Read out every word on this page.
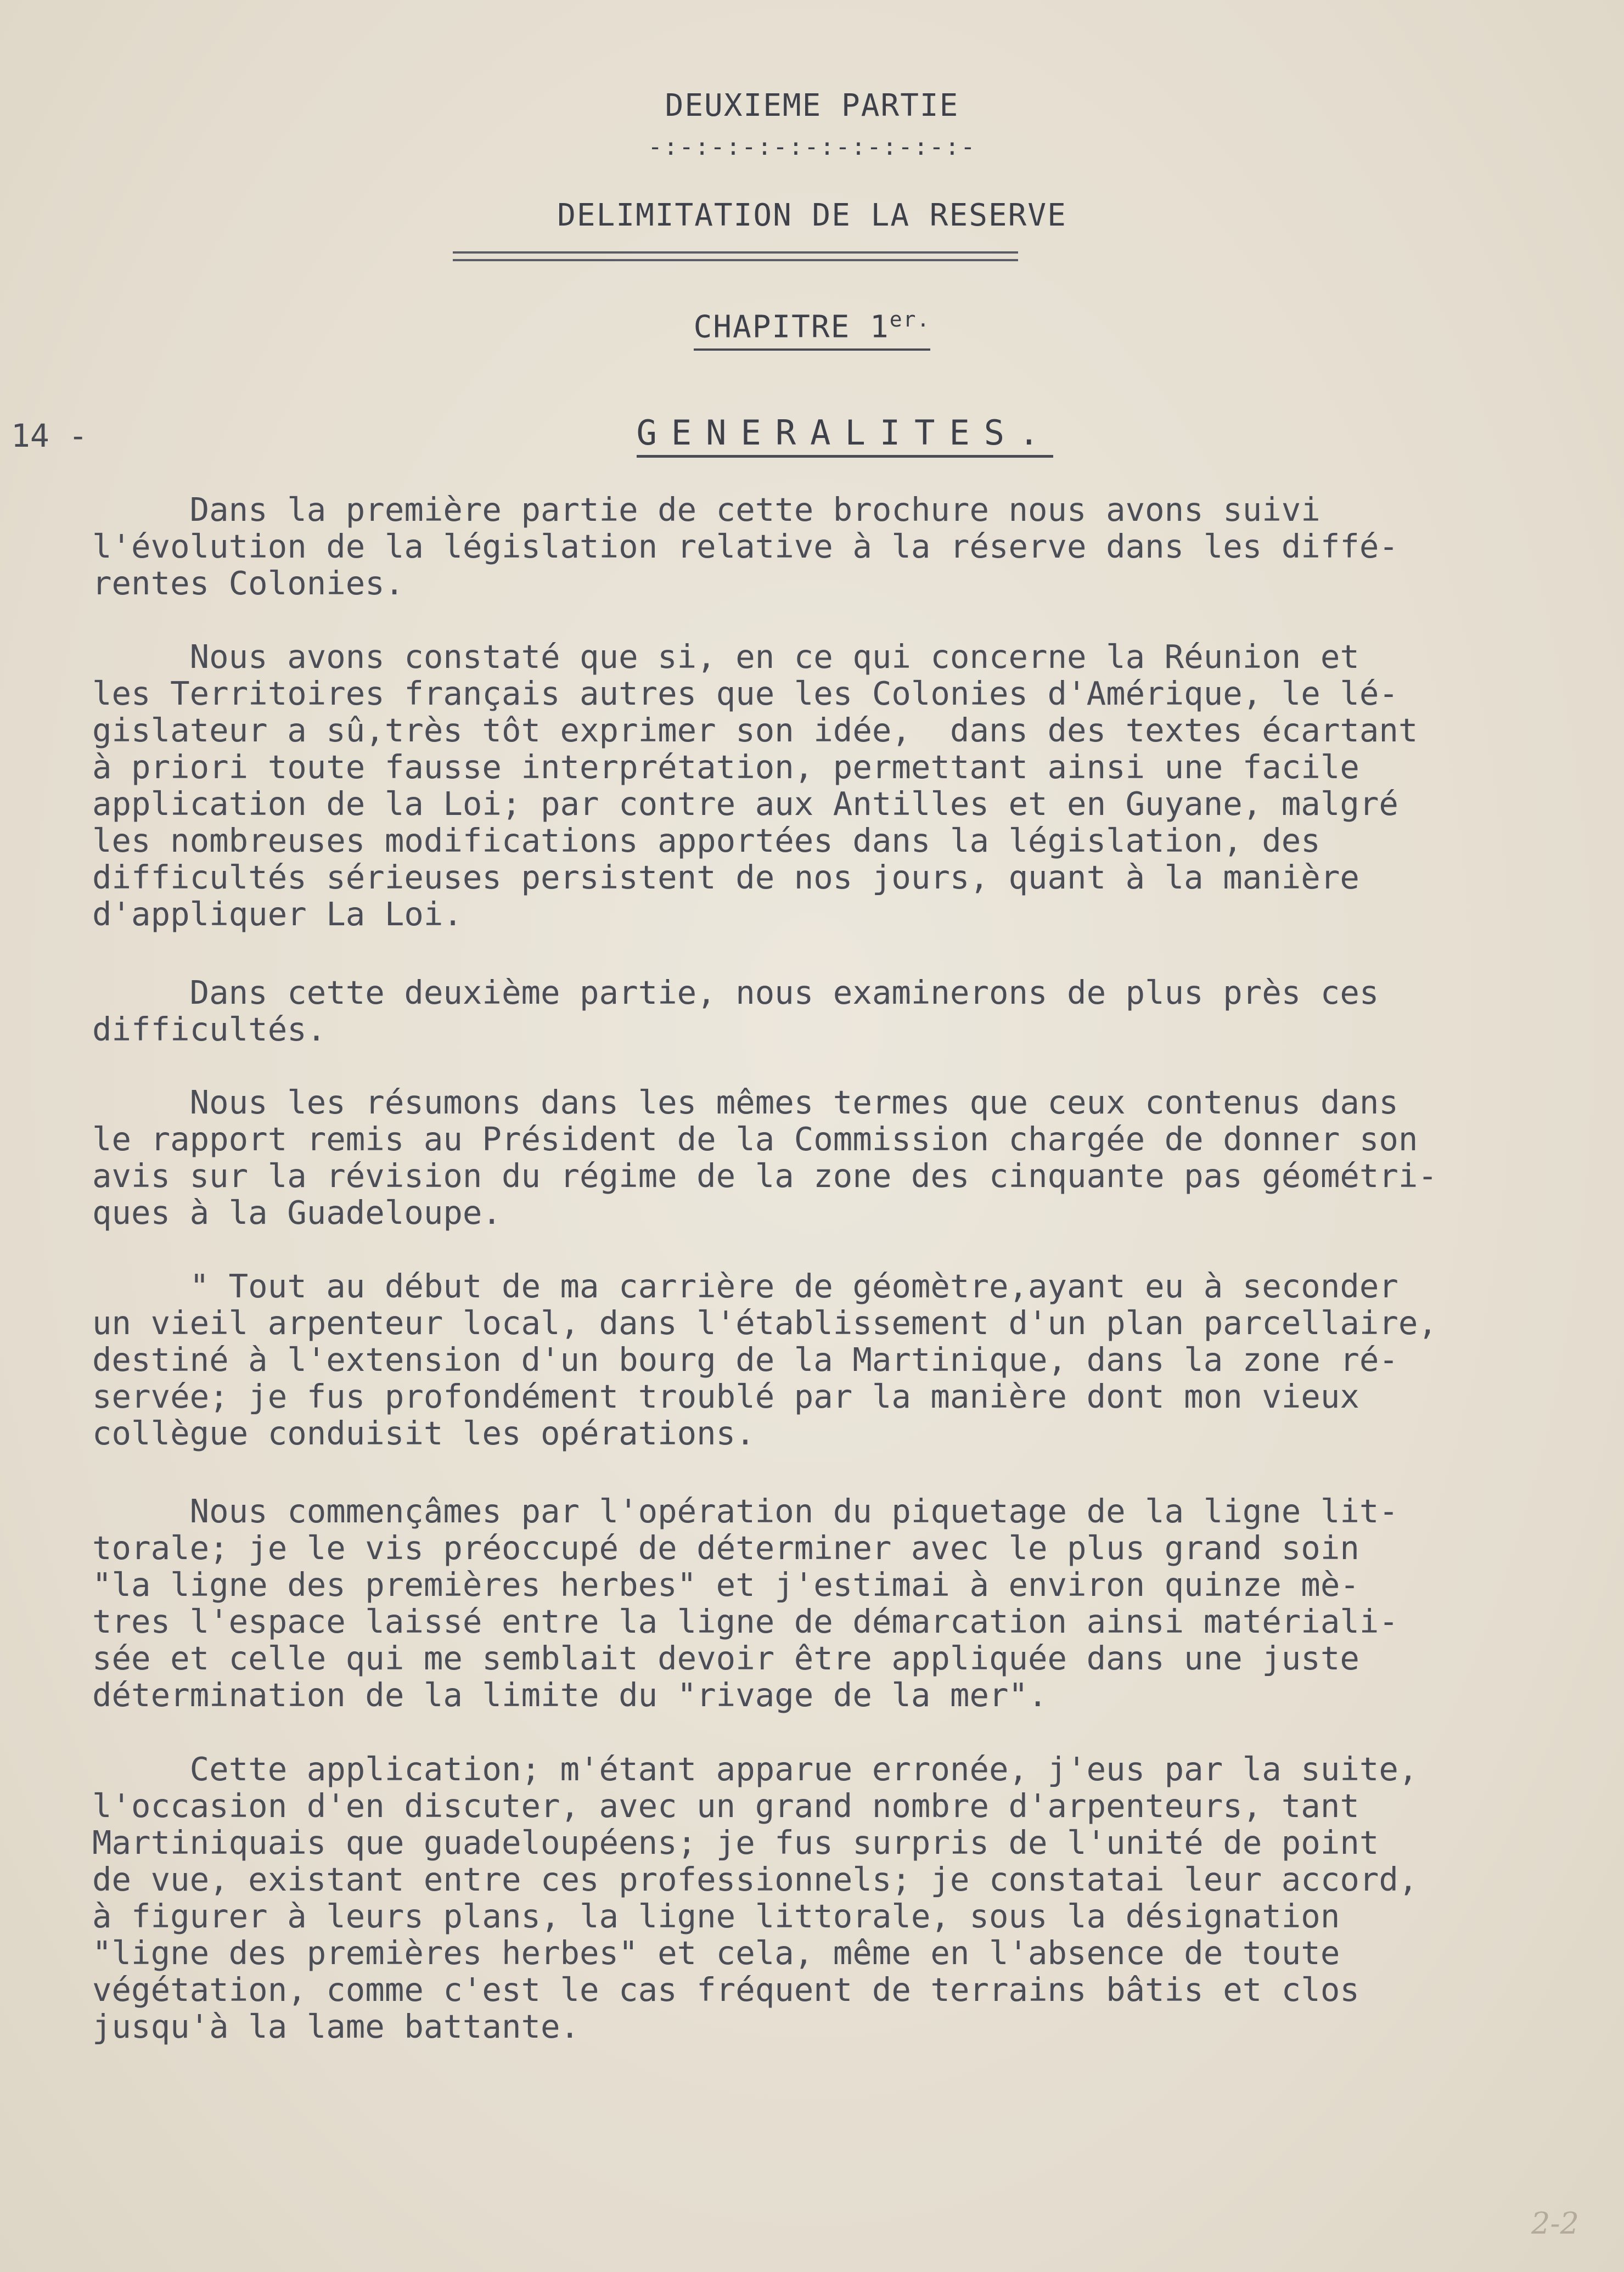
DEUXIEME PARTIE
-:-:-:-:-:-:-:-:-:-:-
DELIMITATION DE LA RESERVE
CHAPITRE $1^{er.}$
14 -	GENERALITES.
Dans la première partie de cette brochure nous avons suivi
l'évolution de la législation relative à la réserve dans les diffé-
rentes Colonies.
Nous avons constaté que si, en ce qui concerne la Réunion et
les Territoires français autres que les Colonies d'Amérique, le lé-
gislateur a sû,très tôt exprimer son idée,  dans des textes écartant
à priori toute fausse interprétation, permettant ainsi une facile
application de la Loi; par contre aux Antilles et en Guyane, malgré
les nombreuses modifications apportées dans la législation, des
difficultés sérieuses persistent de nos jours, quant à la manière
d'appliquer La Loi.
Dans cette deuxième partie, nous examinerons de plus près ces
difficultés.
Nous les résumons dans les mêmes termes que ceux contenus dans
le rapport remis au Président de la Commission chargée de donner son
avis sur la révision du régime de la zone des cinquante pas géométri-
ques à la Guadeloupe.
" Tout au début de ma carrière de géomètre,ayant eu à seconder
un vieil arpenteur local, dans l'établissement d'un plan parcellaire,
destiné à l'extension d'un bourg de la Martinique, dans la zone ré-
servée; je fus profondément troublé par la manière dont mon vieux
collègue conduisit les opérations.
Nous commençâmes par l'opération du piquetage de la ligne lit-
torale; je le vis préoccupé de déterminer avec le plus grand soin
"la ligne des premières herbes" et j'estimai à environ quinze mè-
tres l'espace laissé entre la ligne de démarcation ainsi matériali-
sée et celle qui me semblait devoir être appliquée dans une juste
détermination de la limite du "rivage de la mer".
Cette application; m'étant apparue erronée, j'eus par la suite,
l'occasion d'en discuter, avec un grand nombre d'arpenteurs, tant
Martiniquais que guadeloupéens; je fus surpris de l'unité de point
de vue, existant entre ces professionnels; je constatai leur accord,
à figurer à leurs plans, la ligne littorale, sous la désignation
"ligne des premières herbes" et cela, même en l'absence de toute
végétation, comme c'est le cas fréquent de terrains bâtis et clos
jusqu'à la lame battante.
2-2
